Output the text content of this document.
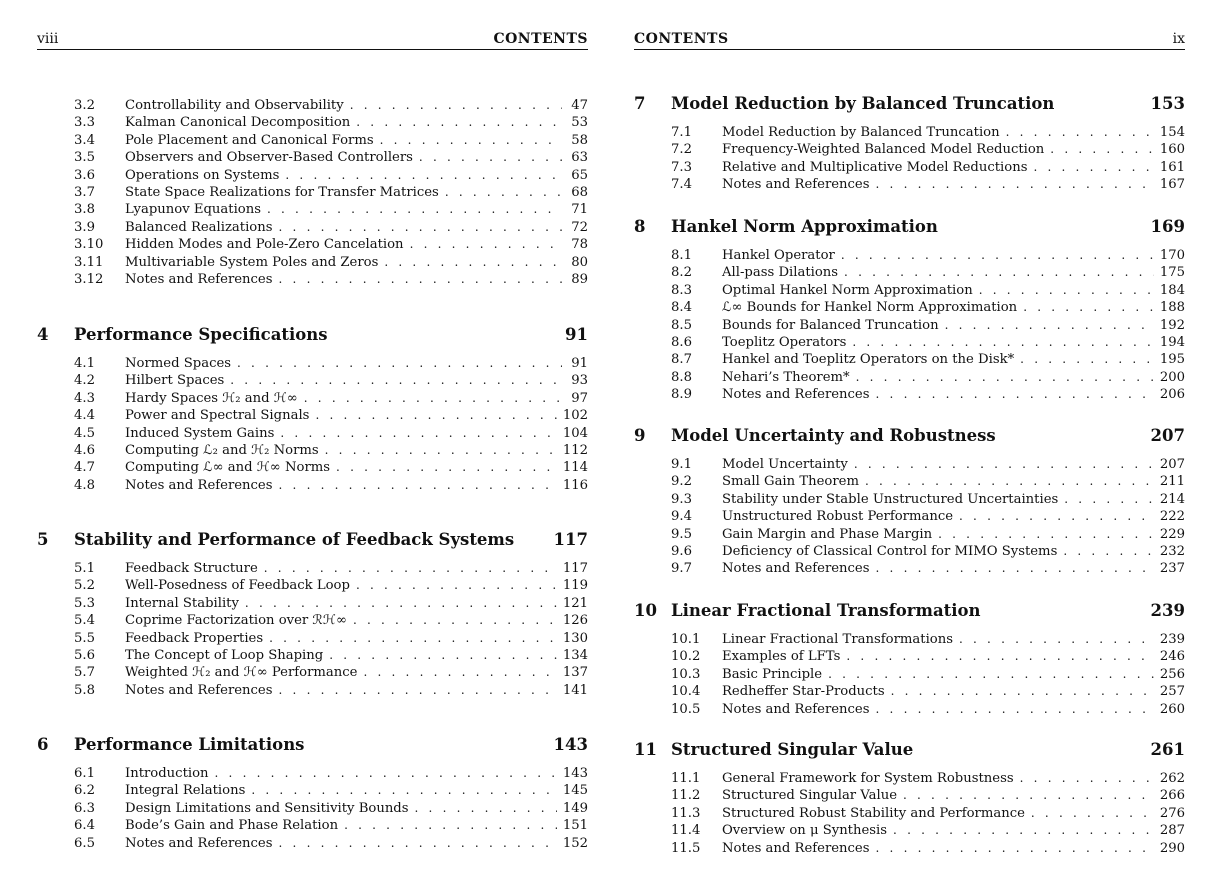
viii	CONTENTS
3.2	Controllability and Observability . . .	47
3.3	Kalman Canonical Decomposition . . .	53
3.4	Pole Placement and Canonical Forms . . .	58
3.5	Observers and Observer-Based Controllers . . .	63
3.6	Operations on Systems . . .	65
3.7	State Space Realizations for Transfer Matrices . . .	68
3.8	Lyapunov Equations . . .	71
3.9	Balanced Realizations . . .	72
3.10	Hidden Modes and Pole-Zero Cancelation . . .	78
3.11	Multivariable System Poles and Zeros . . .	80
3.12	Notes and References . . .	89
4	Performance Specifications	91
4.1	Normed Spaces . . .	91
4.2	Hilbert Spaces . . .	93
4.3	Hardy Spaces ℋ₂ and ℋ∞ . . .	97
4.4	Power and Spectral Signals . . .	102
4.5	Induced System Gains . . .	104
4.6	Computing ℒ₂ and ℋ₂ Norms . . .	112
4.7	Computing ℒ∞ and ℋ∞ Norms . . .	114
4.8	Notes and References . . .	116
5	Stability and Performance of Feedback Systems	117
5.1	Feedback Structure . . .	117
5.2	Well-Posedness of Feedback Loop . . .	119
5.3	Internal Stability . . .	121
5.4	Coprime Factorization over ℛℋ∞ . . .	126
5.5	Feedback Properties . . .	130
5.6	The Concept of Loop Shaping . . .	134
5.7	Weighted ℋ₂ and ℋ∞ Performance . . .	137
5.8	Notes and References . . .	141
6	Performance Limitations	143
6.1	Introduction . . .	143
6.2	Integral Relations . . .	145
6.3	Design Limitations and Sensitivity Bounds . . .	149
6.4	Bode’s Gain and Phase Relation . . .	151
6.5	Notes and References . . .	152
CONTENTS	ix
7	Model Reduction by Balanced Truncation	153
7.1	Model Reduction by Balanced Truncation . . .	154
7.2	Frequency-Weighted Balanced Model Reduction . . .	160
7.3	Relative and Multiplicative Model Reductions . . .	161
7.4	Notes and References . . .	167
8	Hankel Norm Approximation	169
8.1	Hankel Operator . . .	170
8.2	All-pass Dilations . . .	175
8.3	Optimal Hankel Norm Approximation . . .	184
8.4	ℒ∞ Bounds for Hankel Norm Approximation . . .	188
8.5	Bounds for Balanced Truncation . . .	192
8.6	Toeplitz Operators . . .	194
8.7	Hankel and Toeplitz Operators on the Disk* . . .	195
8.8	Nehari’s Theorem* . . .	200
8.9	Notes and References . . .	206
9	Model Uncertainty and Robustness	207
9.1	Model Uncertainty . . .	207
9.2	Small Gain Theorem . . .	211
9.3	Stability under Stable Unstructured Uncertainties . . .	214
9.4	Unstructured Robust Performance . . .	222
9.5	Gain Margin and Phase Margin . . .	229
9.6	Deficiency of Classical Control for MIMO Systems . . .	232
9.7	Notes and References . . .	237
10 Linear Fractional Transformation	239
10.1	Linear Fractional Transformations . . .	239
10.2	Examples of LFTs . . .	246
10.3	Basic Principle . . .	256
10.4	Redheffer Star-Products . . .	257
10.5	Notes and References . . .	260
11 Structured Singular Value	261
11.1	General Framework for System Robustness . . .	262
11.2	Structured Singular Value . . .	266
11.3	Structured Robust Stability and Performance . . .	276
11.4	Overview on μ Synthesis . . .	287
11.5	Notes and References . . .	290
